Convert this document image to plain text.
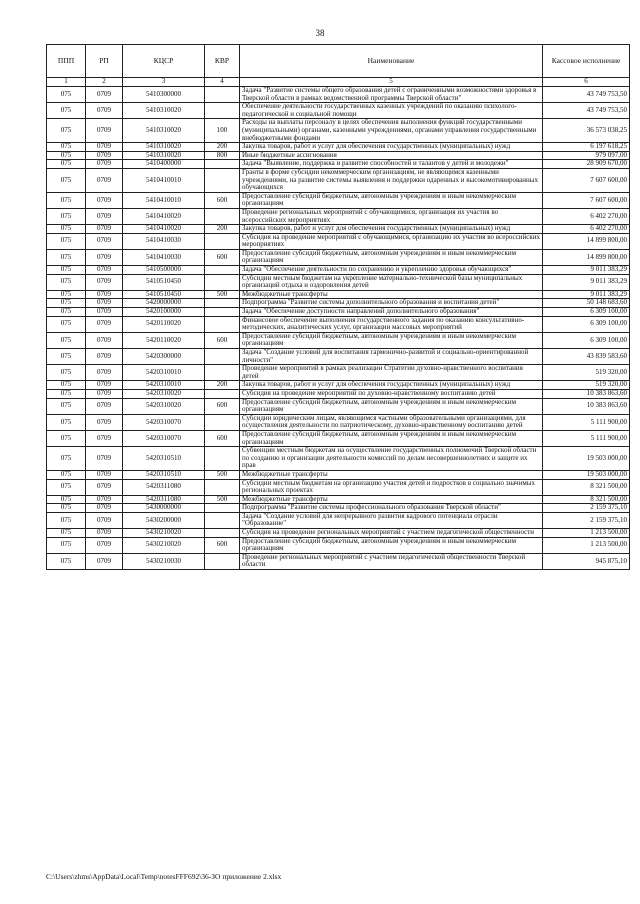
38
ППП	РП	КЦСР	КВР	Наименование	Кассовое исполнение
1	2	3	4	5	6
075	0709	5410300000		Задача "Развитие системы общего образования детей с ограниченными возможностями здоровья в Тверской области в рамках ведомственной программы Тверской области"	43 749 753,50
075	0709	5410310020		Обеспечение деятельности государственных казенных учреждений по оказанию психолого-педагогической и социальной помощи	43 749 753,50
075	0709	5410310020	100	Расходы на выплаты персоналу в целях обеспечения выполнения функций государственными (муниципальными) органами, казенными учреждениями, органами управления государственными внебюджетными фондами	36 573 038,25
075	0709	5410310020	200	Закупка товаров, работ и услуг для обеспечения государственных (муниципальных) нужд	6 197 618,25
075	0709	5410310020	800	Иные бюджетные ассигнования	979 097,00
075	0709	5410400000		Задача "Выявление, поддержка и развитие способностей и талантов у детей и молодежи"	28 909 670,00
075	0709	5410410010		Гранты в форме субсидии некоммерческим организациям, не являющимся казенными учреждениями, на развитие системы выявления и поддержки одаренных и высокомотивированных обучающихся	7 607 600,00
075	0709	5410410010	600	Предоставление субсидий бюджетным, автономным учреждениям и иным некоммерческим организациям	7 607 600,00
075	0709	5410410020		Проведение региональных мероприятий с обучающимися, организация их участия во всероссийских мероприятиях	6 402 270,00
075	0709	5410410020	200	Закупка товаров, работ и услуг для обеспечения государственных (муниципальных) нужд	6 402 270,00
075	0709	5410410030		Субсидия на проведение мероприятий с обучающимися, организацию их участия во всероссийских мероприятиях	14 899 800,00
075	0709	5410410030	600	Предоставление субсидий бюджетным, автономным учреждениям и иным некоммерческим организациям	14 899 800,00
075	0709	5410500000		Задача "Обеспечение деятельности по сохранению и укреплению здоровья обучающихся"	9 011 383,29
075	0709	5410510450		Субсидии местным бюджетам на укрепление материально-технической базы муниципальных организаций отдыха и оздоровления детей	9 011 383,29
075	0709	5410510450	500	Межбюджетные трансферты	9 011 383,29
075	0709	5420000000		Подпрограмма "Развитие системы дополнительного образования и воспитания детей"	50 148 683,60
075	0709	5420100000		Задача "Обеспечение доступности направлений дополнительного образования"	6 309 100,00
075	0709	5420110020		Финансовое обеспечение выполнения государственного задания по оказанию консультативно-методических, аналитических услуг, организации массовых мероприятий	6 309 100,00
075	0709	5420110020	600	Предоставление субсидий бюджетным, автономным учреждениям и иным некоммерческим организациям	6 309 100,00
075	0709	5420300000		Задача "Создание условий для воспитания гармонично-развитой и социально-ориентированной личности"	43 839 583,60
075	0709	5420310010		Проведение мероприятий в рамках реализации Стратегии духовно-нравственного воспитания детей	519 320,00
075	0709	5420310010	200	Закупка товаров, работ и услуг для обеспечения государственных (муниципальных) нужд	519 320,00
075	0709	5420310020		Субсидия на проведение мероприятий по духовно-нравственному воспитанию детей	10 383 863,60
075	0709	5420310020	600	Предоставление субсидий бюджетным, автономным учреждениям и иным некоммерческим организациям	10 383 863,60
075	0709	5420310070		Субсидии юридическим лицам, являющимся частными образовательными организациями, для осуществления деятельности по патриотическому, духовно-нравственному воспитанию детей	5 111 900,00
075	0709	5420310070	600	Предоставление субсидий бюджетным, автономным учреждениям и иным некоммерческим организациям	5 111 900,00
075	0709	5420310510		Субвенции местным бюджетам на осуществление государственных полномочий Тверской области по созданию и организации деятельности комиссий по делам несовершеннолетних и защите их прав	19 503 000,00
075	0709	5420310510	500	Межбюджетные трансферты	19 503 000,00
075	0709	5420311080		Субсидии местным бюджетам на организацию участия детей и подростков в социально значимых региональных проектах	8 321 500,00
075	0709	5420311080	500	Межбюджетные трансферты	8 321 500,00
075	0709	5430000000		Подпрограмма "Развитие системы профессионального образования Тверской области"	2 159 375,10
075	0709	5430200000		Задача "Создание условий для непрерывного развития кадрового потенциала отрасли "Образование"	2 159 375,10
075	0709	5430210020		Субсидия на проведение региональных мероприятий с участием педагогической общественности	1 213 500,00
075	0709	5430210020	600	Предоставление субсидий бюджетным, автономным учреждениям и иным некоммерческим организациям	1 213 500,00
075	0709	5430210030		Проведение региональных мероприятий с участием педагогической общественности Тверской области	945 875,10
C:\Users\zhms\AppData\Local\Temp\notesFFF692\36-ЗО приложение 2.xlsx
